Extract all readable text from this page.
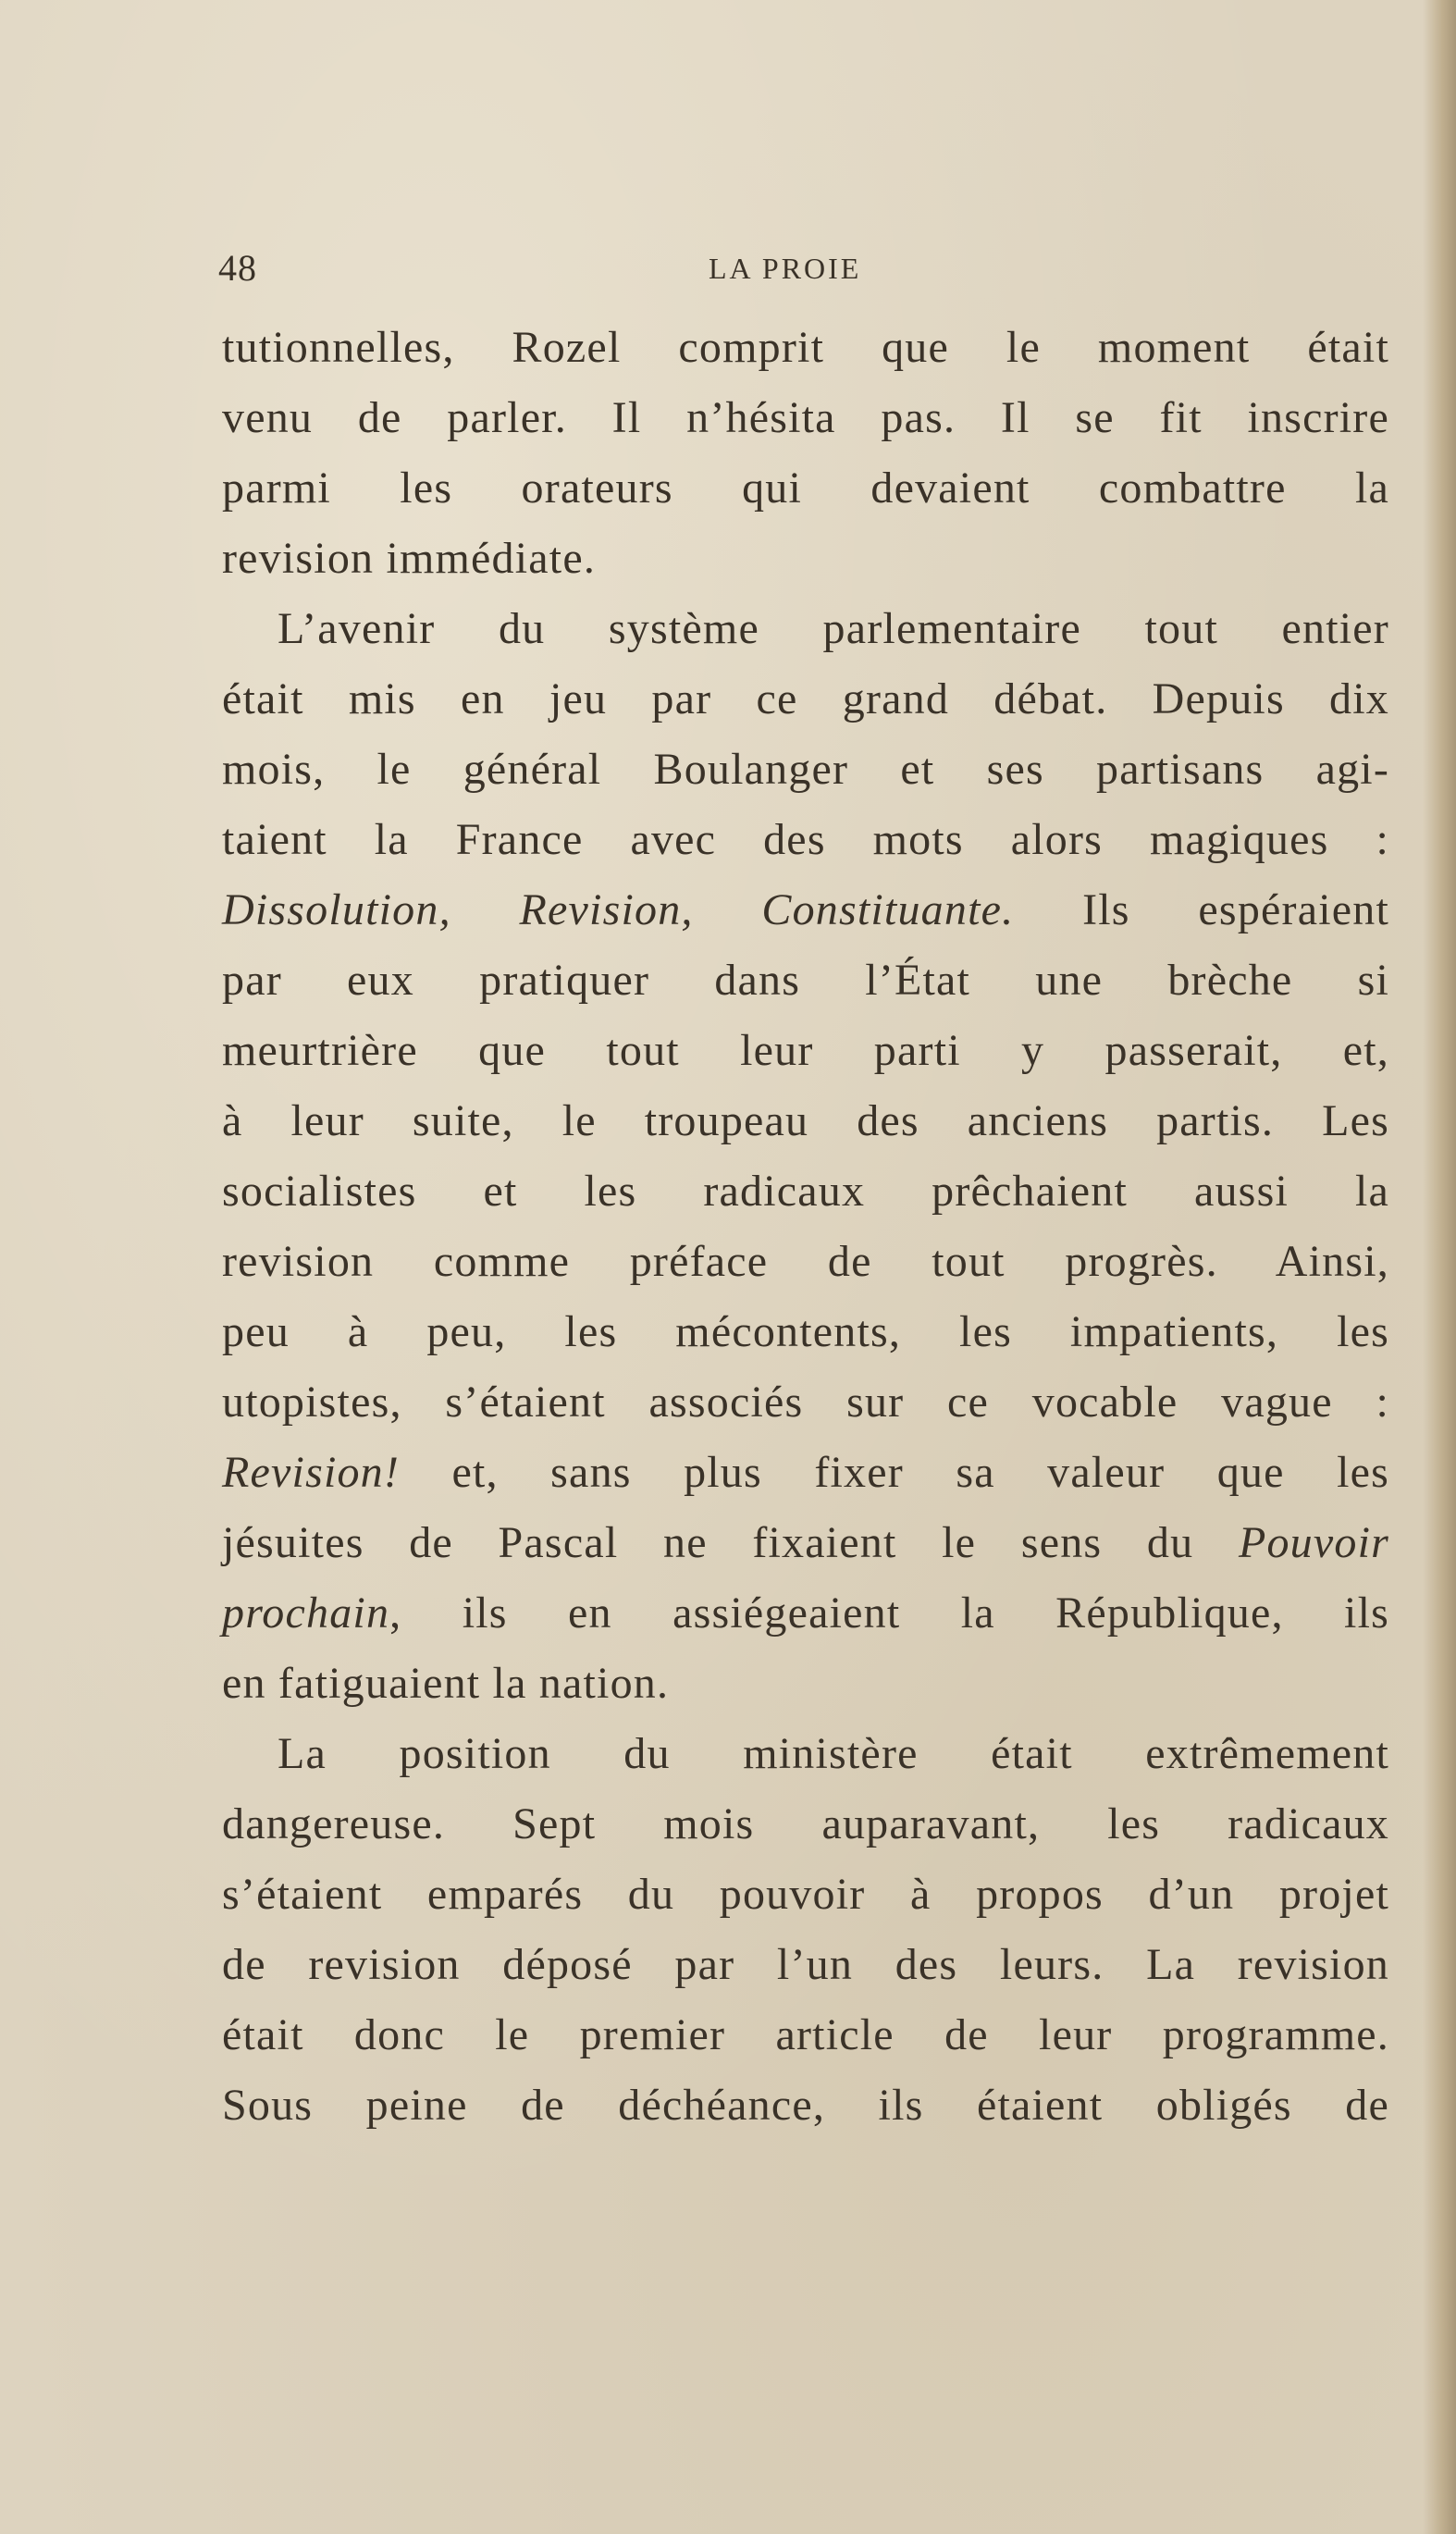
48	LA PROIE
tutionnelles, Rozel comprit que le moment était
venu de parler. Il n’hésita pas. Il se fit inscrire
parmi les orateurs qui devaient combattre la
revision immédiate.
L’avenir du système parlementaire tout entier
était mis en jeu par ce grand débat. Depuis dix
mois, le général Boulanger et ses partisans agi-
taient la France avec des mots alors magiques :
Dissolution, Revision, Constituante. Ils espéraient
par eux pratiquer dans l’État une brèche si
meurtrière que tout leur parti y passerait, et,
à leur suite, le troupeau des anciens partis. Les
socialistes et les radicaux prêchaient aussi la
revision comme préface de tout progrès. Ainsi,
peu à peu, les mécontents, les impatients, les
utopistes, s’étaient associés sur ce vocable vague :
Revision! et, sans plus fixer sa valeur que les
jésuites de Pascal ne fixaient le sens du Pouvoir
prochain, ils en assiégeaient la République, ils
en fatiguaient la nation.
La position du ministère était extrêmement
dangereuse. Sept mois auparavant, les radicaux
s’étaient emparés du pouvoir à propos d’un projet
de revision déposé par l’un des leurs. La revision
était donc le premier article de leur programme.
Sous peine de déchéance, ils étaient obligés de
